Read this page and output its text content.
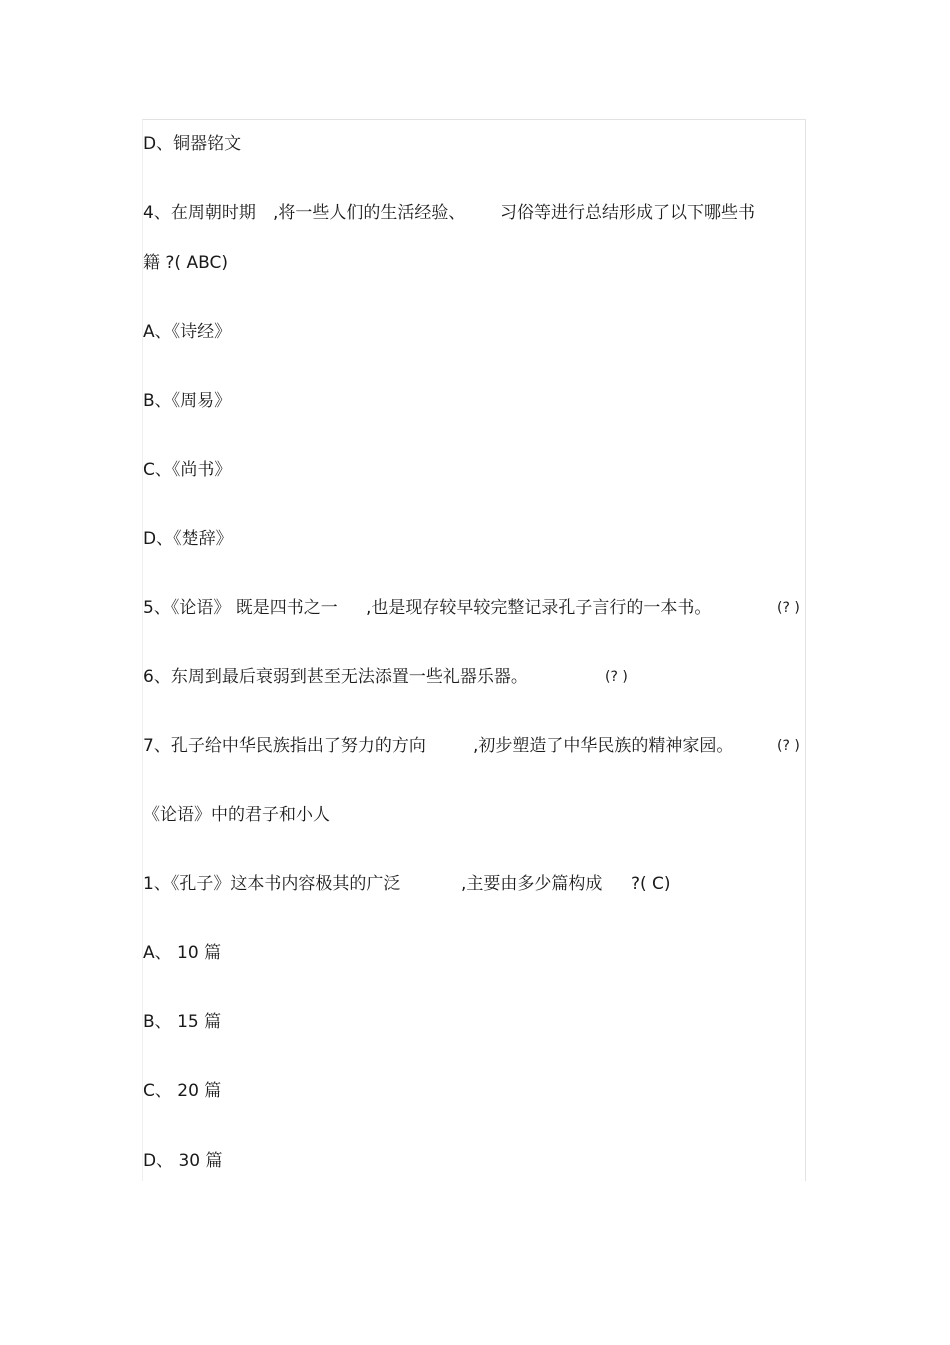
D、铜器铭文
4、在周朝时期 ,将一些人们的生活经验、 习俗等进行总结形成了以下哪些书
籍 ?( ABC)
A、《诗经》
B、《周易》
C、《尚书》
D、《楚辞》
5、《论语》 既是四书之一 ,也是现存较早较完整记录孔子言行的一本书。	(? )
6、东周到最后衰弱到甚至无法添置一些礼器乐器。	(? )
7、孔子给中华民族指出了努力的方向	,初步塑造了中华民族的精神家园。	(? )
《论语》中的君子和小人
1、《孔子》这本书内容极其的广泛	,主要由多少篇构成 ?( C)
A、 10 篇
B、 15 篇
C、 20 篇
D、 30 篇
